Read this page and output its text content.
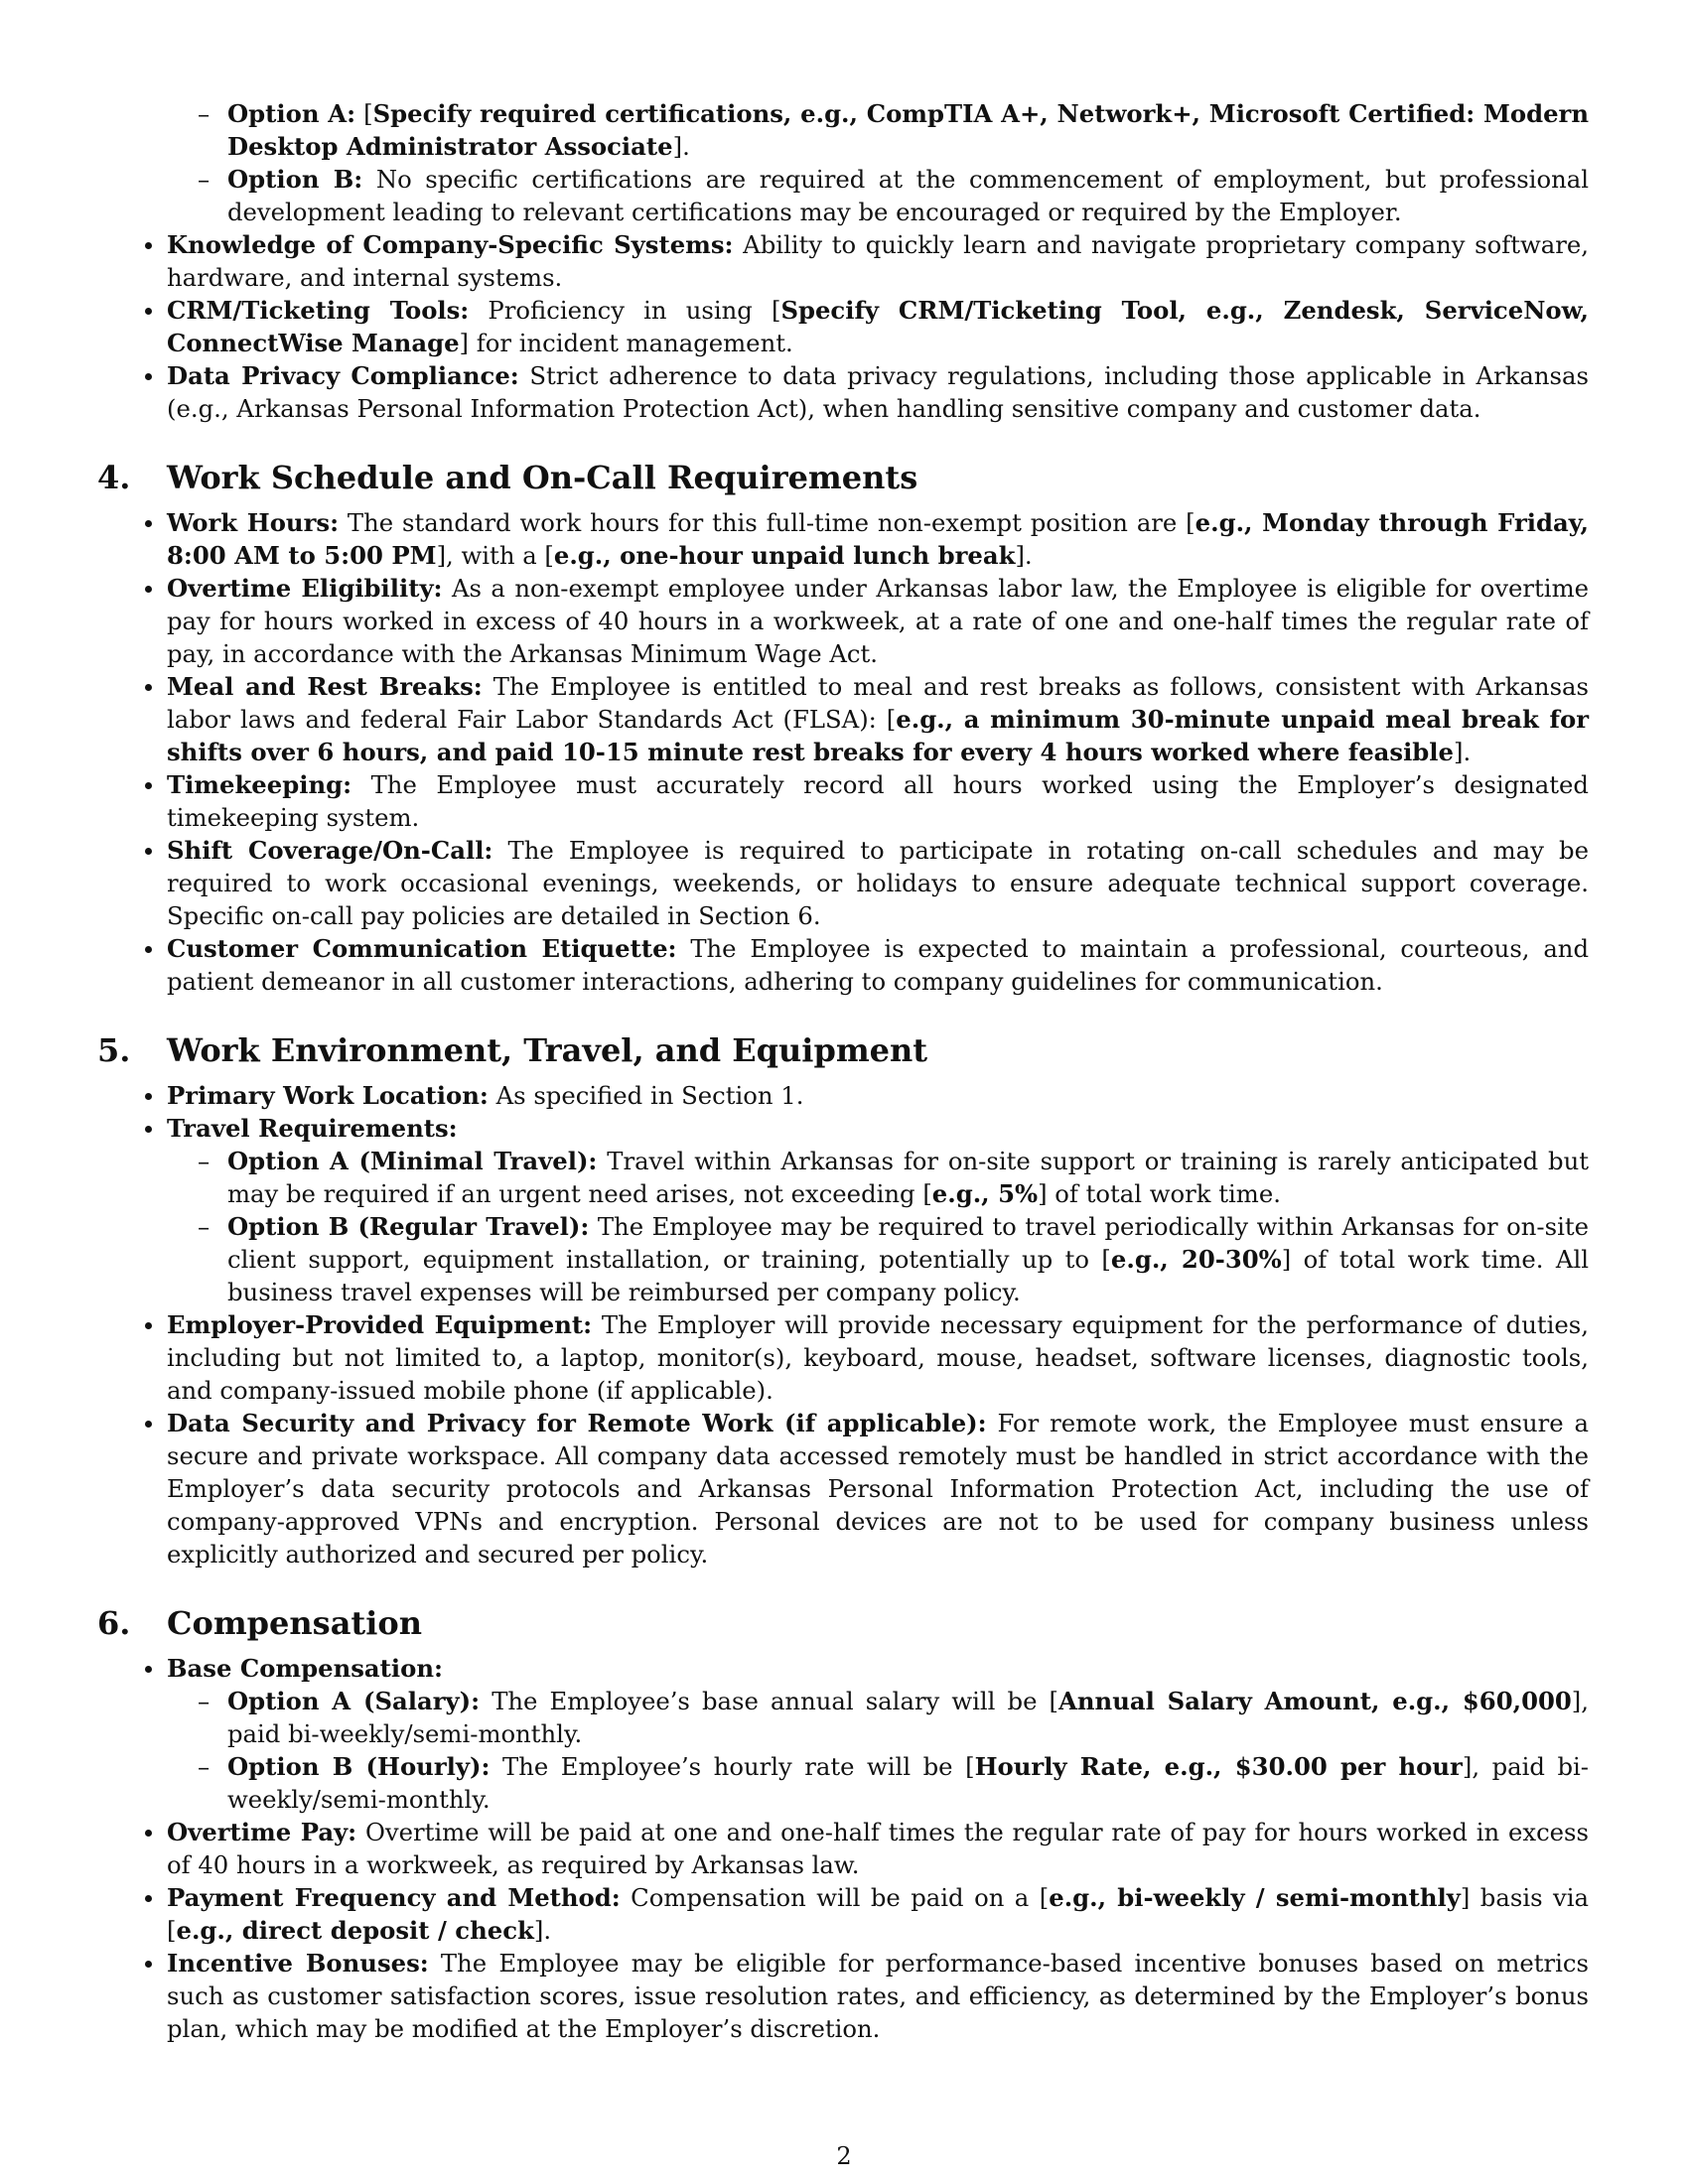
– Option A: [Specify required certifications, e.g., CompTIA A+, Network+, Microsoft Certified: Modern Desktop Administrator Associate].
– Option B: No specific certifications are required at the commencement of employment, but professional development leading to relevant certifications may be encouraged or required by the Employer.
Knowledge of Company-Specific Systems: Ability to quickly learn and navigate proprietary company software, hardware, and internal systems.
CRM/Ticketing Tools: Proficiency in using [Specify CRM/Ticketing Tool, e.g., Zendesk, ServiceNow, ConnectWise Manage] for incident management.
Data Privacy Compliance: Strict adherence to data privacy regulations, including those applicable in Arkansas (e.g., Arkansas Personal Information Protection Act), when handling sensitive company and customer data.
4. Work Schedule and On-Call Requirements
Work Hours: The standard work hours for this full-time non-exempt position are [e.g., Monday through Friday, 8:00 AM to 5:00 PM], with a [e.g., one-hour unpaid lunch break].
Overtime Eligibility: As a non-exempt employee under Arkansas labor law, the Employee is eligible for overtime pay for hours worked in excess of 40 hours in a workweek, at a rate of one and one-half times the regular rate of pay, in accordance with the Arkansas Minimum Wage Act.
Meal and Rest Breaks: The Employee is entitled to meal and rest breaks as follows, consistent with Arkansas labor laws and federal Fair Labor Standards Act (FLSA): [e.g., a minimum 30-minute unpaid meal break for shifts over 6 hours, and paid 10-15 minute rest breaks for every 4 hours worked where feasible].
Timekeeping: The Employee must accurately record all hours worked using the Employer’s designated timekeeping system.
Shift Coverage/On-Call: The Employee is required to participate in rotating on-call schedules and may be required to work occasional evenings, weekends, or holidays to ensure adequate technical support coverage. Specific on-call pay policies are detailed in Section 6.
Customer Communication Etiquette: The Employee is expected to maintain a professional, courteous, and patient demeanor in all customer interactions, adhering to company guidelines for communication.
5. Work Environment, Travel, and Equipment
Primary Work Location: As specified in Section 1.
Travel Requirements:
– Option A (Minimal Travel): Travel within Arkansas for on-site support or training is rarely anticipated but may be required if an urgent need arises, not exceeding [e.g., 5%] of total work time.
– Option B (Regular Travel): The Employee may be required to travel periodically within Arkansas for on-site client support, equipment installation, or training, potentially up to [e.g., 20-30%] of total work time. All business travel expenses will be reimbursed per company policy.
Employer-Provided Equipment: The Employer will provide necessary equipment for the performance of duties, including but not limited to, a laptop, monitor(s), keyboard, mouse, headset, software licenses, diagnostic tools, and company-issued mobile phone (if applicable).
Data Security and Privacy for Remote Work (if applicable): For remote work, the Employee must ensure a secure and private workspace. All company data accessed remotely must be handled in strict accordance with the Employer’s data security protocols and Arkansas Personal Information Protection Act, including the use of company-approved VPNs and encryption. Personal devices are not to be used for company business unless explicitly authorized and secured per policy.
6. Compensation
Base Compensation:
– Option A (Salary): The Employee’s base annual salary will be [Annual Salary Amount, e.g., $60,000], paid bi-weekly/semi-monthly.
– Option B (Hourly): The Employee’s hourly rate will be [Hourly Rate, e.g., $30.00 per hour], paid bi-weekly/semi-monthly.
Overtime Pay: Overtime will be paid at one and one-half times the regular rate of pay for hours worked in excess of 40 hours in a workweek, as required by Arkansas law.
Payment Frequency and Method: Compensation will be paid on a [e.g., bi-weekly / semi-monthly] basis via [e.g., direct deposit / check].
Incentive Bonuses: The Employee may be eligible for performance-based incentive bonuses based on metrics such as customer satisfaction scores, issue resolution rates, and efficiency, as determined by the Employer’s bonus plan, which may be modified at the Employer’s discretion.
2
